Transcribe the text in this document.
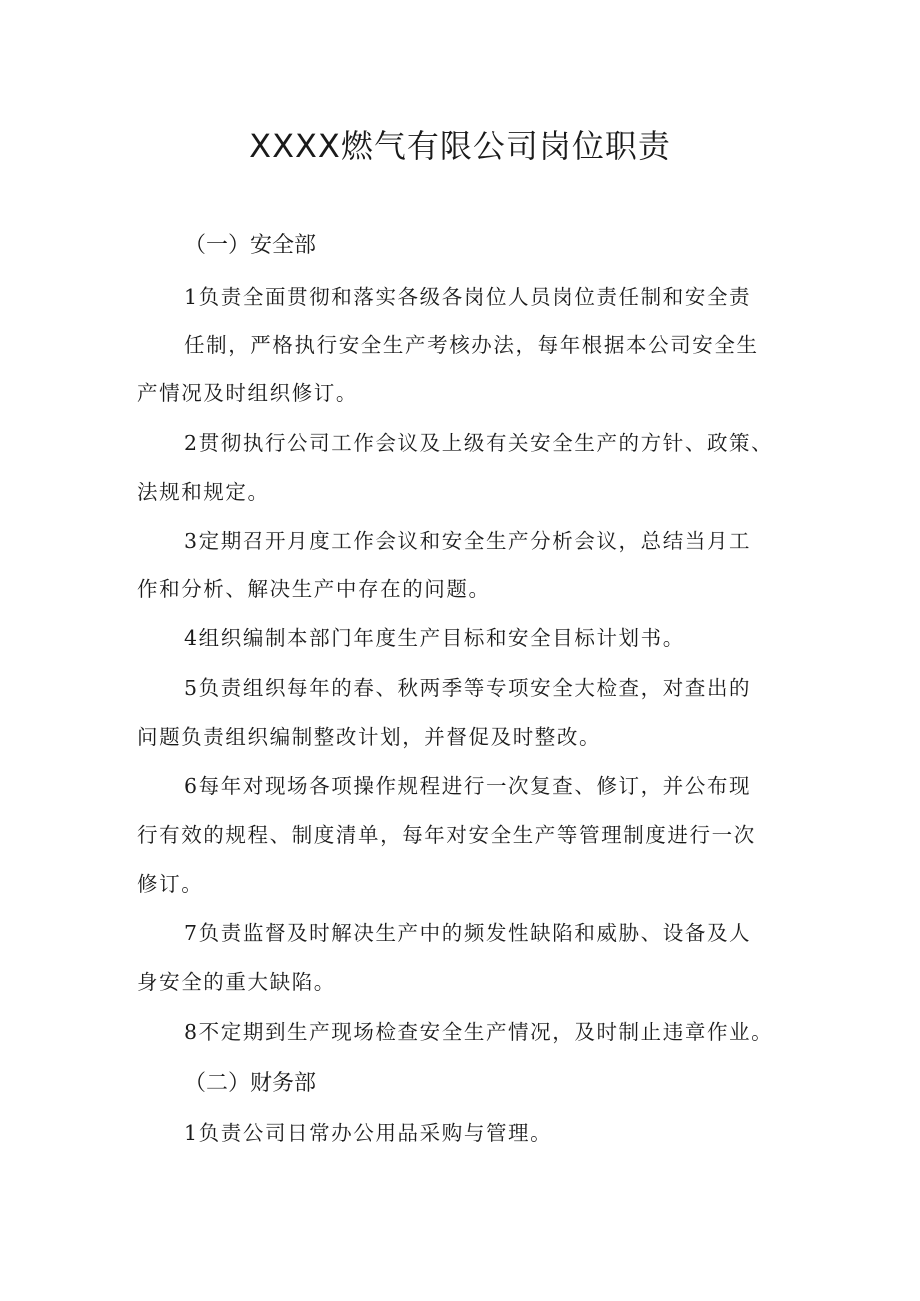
XXXX燃气有限公司岗位职责
（一）安全部
1负责全面贯彻和落实各级各岗位人员岗位责任制和安全责
任制，严格执行安全生产考核办法，每年根据本公司安全生
产情况及时组织修订。
2贯彻执行公司工作会议及上级有关安全生产的方针、政策、
法规和规定。
3定期召开月度工作会议和安全生产分析会议，总结当月工
作和分析、解决生产中存在的问题。
4组织编制本部门年度生产目标和安全目标计划书。
5负责组织每年的春、秋两季等专项安全大检查，对查出的
问题负责组织编制整改计划，并督促及时整改。
6每年对现场各项操作规程进行一次复查、修订，并公布现
行有效的规程、制度清单，每年对安全生产等管理制度进行一次
修订。
7负责监督及时解决生产中的频发性缺陷和威胁、设备及人
身安全的重大缺陷。
8不定期到生产现场检查安全生产情况，及时制止违章作业。
（二）财务部
1负责公司日常办公用品采购与管理。
